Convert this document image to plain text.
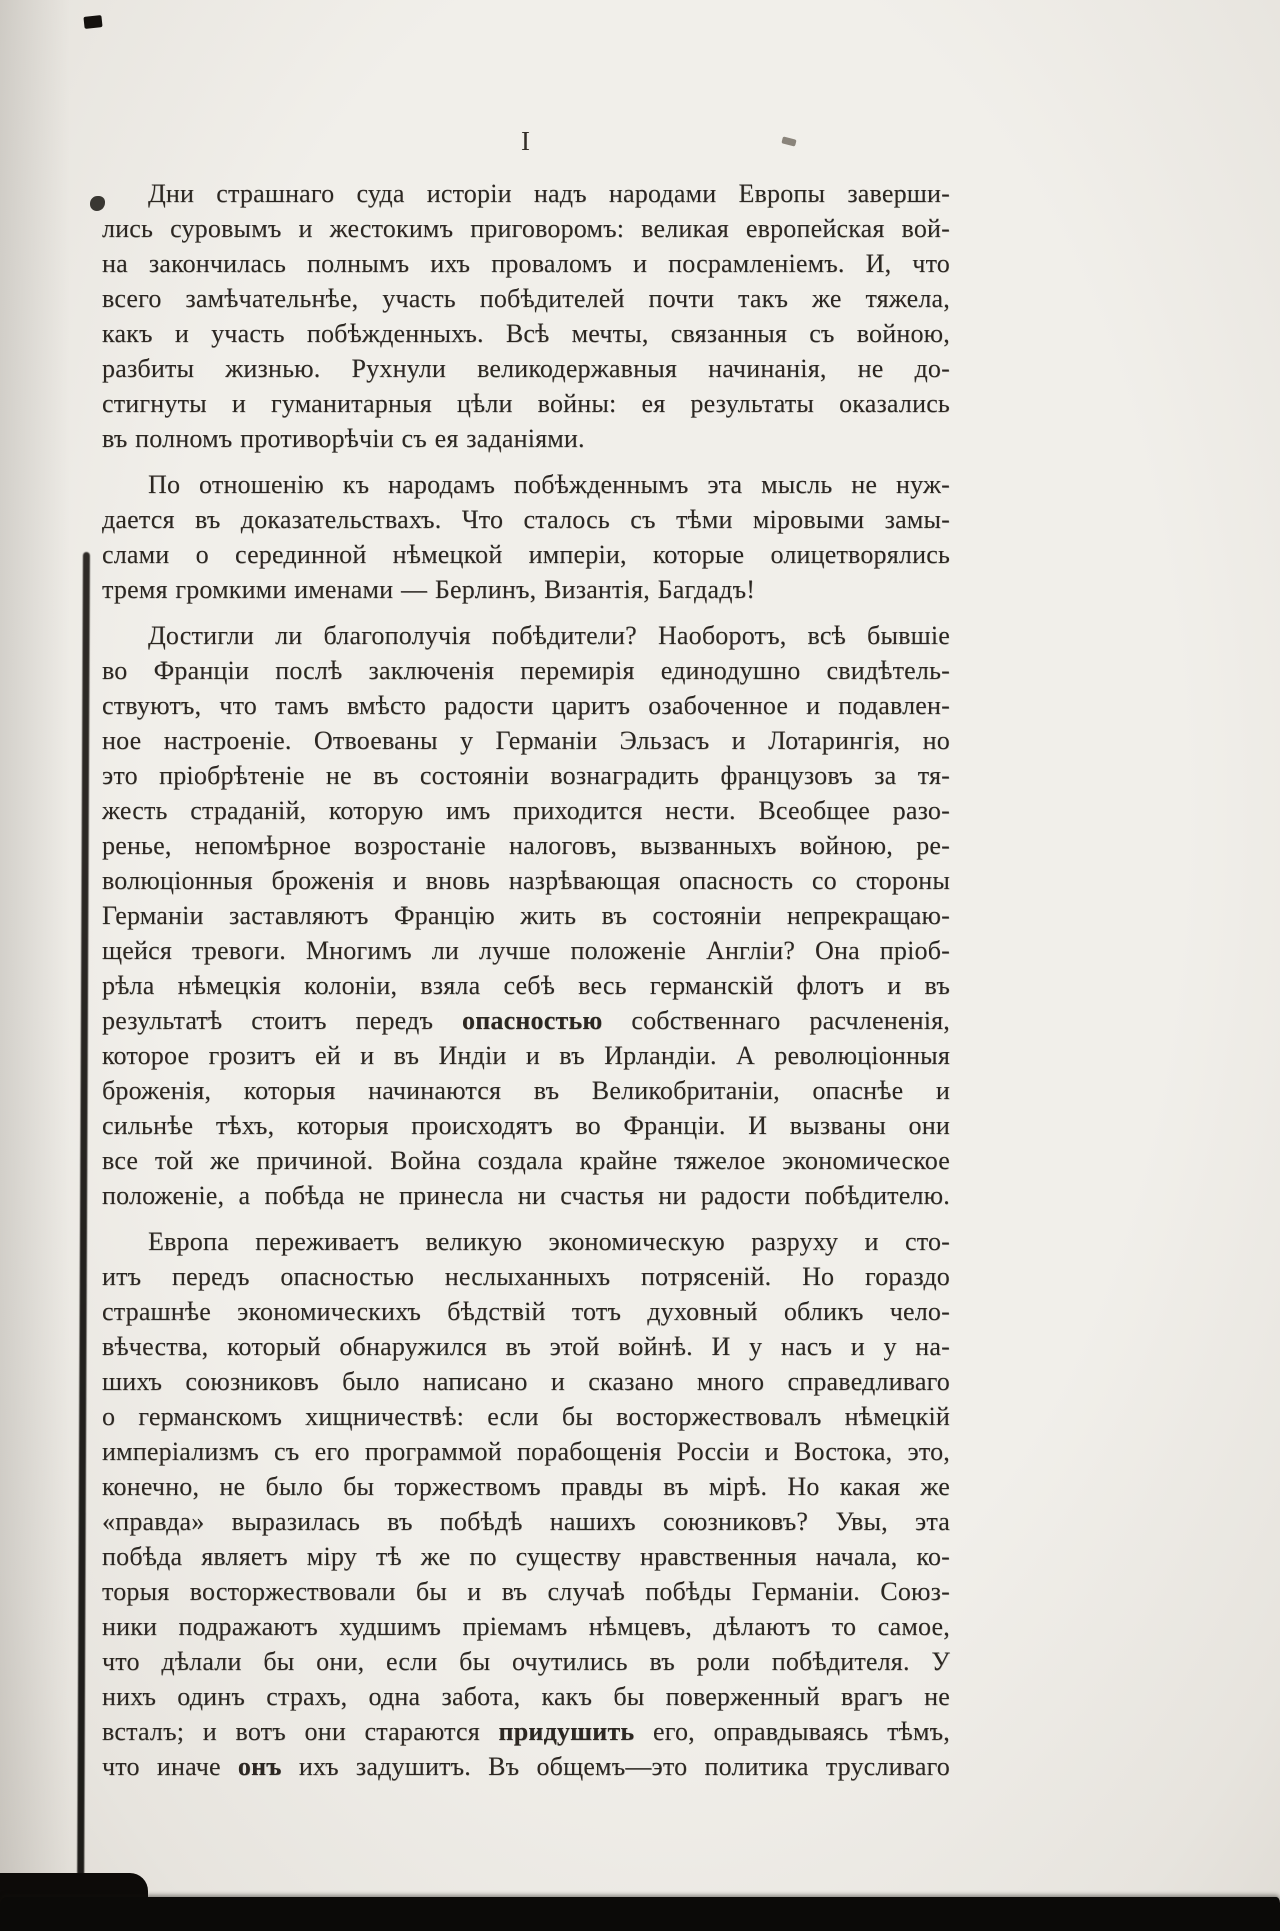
I
Дни страшнаго суда исторіи надъ народами Европы заверши-
лись суровымъ и жестокимъ приговоромъ: великая европейская вой-
на закончилась полнымъ ихъ проваломъ и посрамленіемъ. И, что
всего замѣчательнѣе, участь побѣдителей почти такъ же тяжела,
какъ и участь побѣжденныхъ. Всѣ мечты, связанныя съ войною,
разбиты жизнью. Рухнули великодержавныя начинанія, не до-
стигнуты и гуманитарныя цѣли войны: ея результаты оказались
въ полномъ противорѣчіи съ ея заданіями.
По отношенію къ народамъ побѣжденнымъ эта мысль не нуж-
дается въ доказательствахъ. Что сталось съ тѣми міровыми замы-
слами о серединной нѣмецкой имперіи, которые олицетворялись
тремя громкими именами — Берлинъ, Византія, Багдадъ!
Достигли ли благополучія побѣдители? Наоборотъ, всѣ бывшіе
во Франціи послѣ заключенія перемирія единодушно свидѣтель-
ствуютъ, что тамъ вмѣсто радости царитъ озабоченное и подавлен-
ное настроеніе. Отвоеваны у Германіи Эльзасъ и Лотарингія, но
это пріобрѣтеніе не въ состояніи вознаградить французовъ за тя-
жесть страданій, которую имъ приходится нести. Всеобщее разо-
ренье, непомѣрное возростаніе налоговъ, вызванныхъ войною, ре-
волюціонныя броженія и вновь назрѣвающая опасность со стороны
Германіи заставляютъ Францію жить въ состояніи непрекращаю-
щейся тревоги. Многимъ ли лучше положеніе Англіи? Она пріоб-
рѣла нѣмецкія колоніи, взяла себѣ весь германскій флотъ и въ
результатѣ стоитъ передъ опасностью собственнаго расчлененія,
которое грозитъ ей и въ Индіи и въ Ирландіи. А революціонныя
броженія, которыя начинаются въ Великобританіи, опаснѣе и
сильнѣе тѣхъ, которыя происходятъ во Франціи. И вызваны они
все той же причиной. Война создала крайне тяжелое экономическое
положеніе, а побѣда не принесла ни счастья ни радости побѣдителю.
Европа переживаетъ великую экономическую разруху и сто-
итъ передъ опасностью неслыханныхъ потрясеній. Но гораздо
страшнѣе экономическихъ бѣдствій тотъ духовный обликъ чело-
вѣчества, который обнаружился въ этой войнѣ. И у насъ и у на-
шихъ союзниковъ было написано и сказано много справедливаго
о германскомъ хищничествѣ: если бы восторжествовалъ нѣмецкій
имперіализмъ съ его программой порабощенія Россіи и Востока, это,
конечно, не было бы торжествомъ правды въ мірѣ. Но какая же
«правда» выразилась въ побѣдѣ нашихъ союзниковъ? Увы, эта
побѣда являетъ міру тѣ же по существу нравственныя начала, ко-
торыя восторжествовали бы и въ случаѣ побѣды Германіи. Союз-
ники подражаютъ худшимъ пріемамъ нѣмцевъ, дѣлаютъ то самое,
что дѣлали бы они, если бы очутились въ роли побѣдителя. У
нихъ одинъ страхъ, одна забота, какъ бы поверженный врагъ не
всталъ; и вотъ они стараются придушить его, оправдываясь тѣмъ,
что иначе онъ ихъ задушитъ. Въ общемъ—это политика трусливаго
